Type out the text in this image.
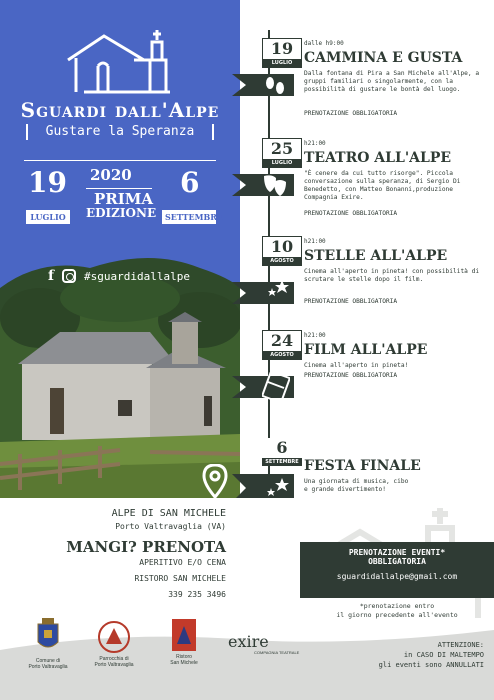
Sguardi dall'Alpe
Gustare la Speranza
19
LUGLIO
2020
PRIMA
EDIZIONE
6
SETTEMBRE
f	#sguardidallalpe
19
LUGLIO
dalle h9:00
CAMMINA E GUSTA
Dalla fontana di Pira a San Michele all'Alpe, a gruppi familiari o singolarmente, con la possibilità di gustare le bontà del luogo.
PRENOTAZIONE OBBLIGATORIA
25
LUGLIO
h21:00
TEATRO ALL'ALPE
"È cenere da cui tutto risorge". Piccola conversazione sulla speranza, di Sergio Di Benedetto, con Matteo Bonanni,produzione Compagnia Exire.
PRENOTAZIONE OBBLIGATORIA
10
AGOSTO
h21:00
STELLE ALL'ALPE
Cinema all'aperto in pineta! con possibilità di scrutare le stelle dopo il film.
PRENOTAZIONE OBBLIGATORIA
24
AGOSTO
h21:00
FILM ALL'ALPE
Cinema all'aperto in pineta!
PRENOTAZIONE OBBLIGATORIA
6
SETTEMBRE FESTA FINALE
Una giornata di musica, cibo e grande divertimento!
ALPE DI SAN MICHELE
Porto Valtravaglia (VA)
MANGI? PRENOTA
APERITIVO E/O CENA
RISTORO SAN MICHELE
339 235 3496
PRENOTAZIONE EVENTI*
OBBLIGATORIA
sguardidallalpe@gmail.com
*prenotazione entro
il giorno precedente all'evento
Comune di
Porto Valtravaglia
Parrocchia di
Porto Valtravaglia
Ristoro
San Michele
exire
COMPAGNIA TEATRALE
ATTENZIONE:
in CASO DI MALTEMPO
gli eventi sono ANNULLATI
